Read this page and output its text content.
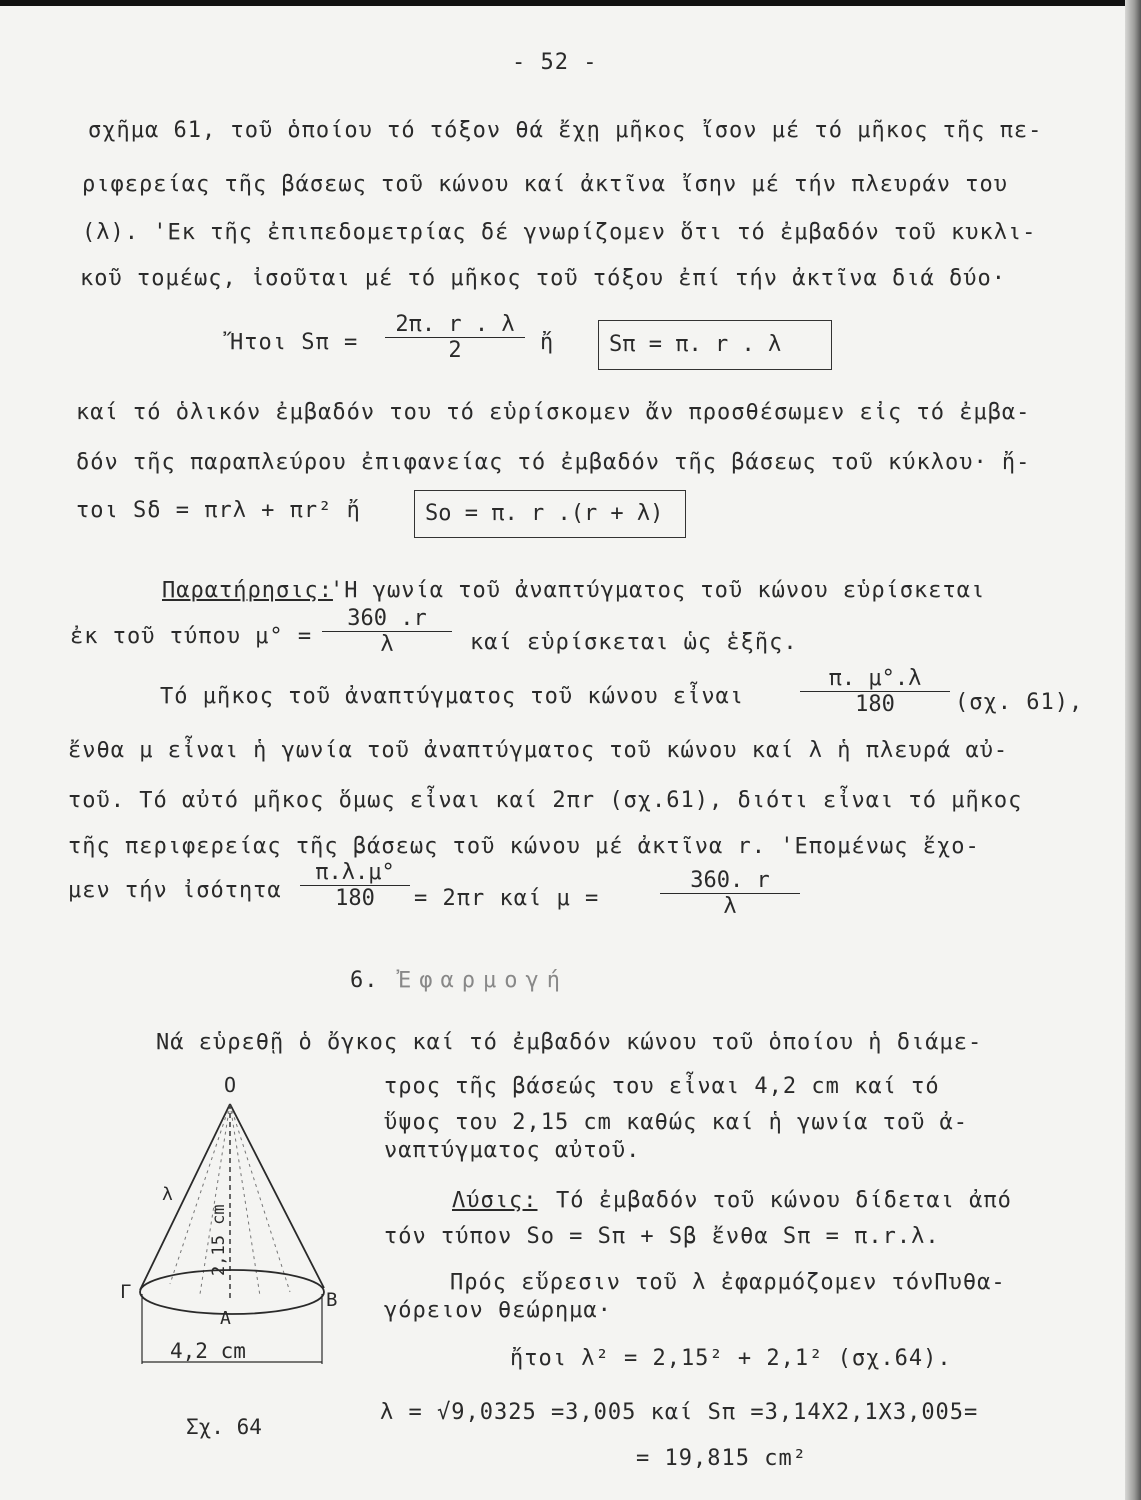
- 52 -
σχῆμα 61, τοῦ ὁποίου τό τόξον θά ἔχῃ μῆκος ἴσον μέ τό μῆκος τῆς πε-
ριφερείας τῆς βάσεως τοῦ κώνου καί ἀκτῖνα ἴσην μέ τήν πλευράν του
(λ). 'Εκ τῆς ἐπιπεδομετρίας δέ γνωρίζομεν ὅτι τό ἐμβαδόν τοῦ κυκλι-
κοῦ τομέως, ἰσοῦται μέ τό μῆκος τοῦ τόξου ἐπί τήν ἀκτῖνα διά δύο·
Ἤτοι $S\pi = \frac{2\pi. r . \lambda}{2}$ ἤ	Sπ = π. r . λ
καί τό ὁλικόν ἐμβαδόν του τό εὑρίσκομεν ἄν προσθέσωμεν εἰς τό ἐμβα-
δόν τῆς παραπλεύρου ἐπιφανείας τό ἐμβαδόν τῆς βάσεως τοῦ κύκλου· ἤ-
τοι Sδ = πrλ + πr² ἤ	Sο = π. r .(r + λ)
Παρατήρησις:
'Η γωνία τοῦ ἀναπτύγματος τοῦ κώνου εὑρίσκεται
ἐκ τοῦ τύπου $\mu^\circ = \frac{360 .r}{\lambda}$ καί εὑρίσκεται ὡς ἑξῆς.
Τό μῆκος τοῦ ἀναπτύγματος τοῦ κώνου εἶναι	$\frac{\pi. \mu^\circ.\lambda}{180} (\sigma\chi$. 61),
ἔνθα μ εἶναι ἡ γωνία τοῦ ἀναπτύγματος τοῦ κώνου καί λ ἡ πλευρά αὐ-
τοῦ. Τό αὐτό μῆκος ὅμως εἶναι καί 2πr (σχ.61), διότι εἶναι τό μῆκος
τῆς περιφερείας τῆς βάσεως τοῦ κώνου μέ ἀκτῖνα r. 'Επομένως ἔχο-
μεν τήν ἰσότητα $\frac{\pi.\lambda.\mu^\circ}{180} = 2\pi r$ καί μ =	$\frac{360. r}{\lambda}$
6. Ἐφαρμογή
Νά εὑρεθῇ ὁ ὄγκος καί τό ἐμβαδόν κώνου τοῦ ὁποίου ἡ διάμε-
τρος τῆς βάσεώς του εἶναι 4,2 cm καί τό
ὕψος του 2,15 cm καθώς καί ἡ γωνία τοῦ ἀ-
ναπτύγματος αὐτοῦ.
Λύσις: Τό ἐμβαδόν τοῦ κώνου δίδεται ἀπό
τόν τύπον Sο = Sπ + Sβ ἔνθα Sπ = π.r.λ.
Πρός εὕρεσιν τοῦ λ ἐφαρμόζομεν τόνΠυθα-
γόρειον θεώρημα·
ἤτοι λ² = 2,15² + 2,1² (σχ.64).
λ = √9,0325 =3,005 καί Sπ =3,14Χ2,1Χ3,005=
= 19,815 cm²
O
λ
2,15 cm
Γ
A
B
4,2 cm
Σχ. 64
